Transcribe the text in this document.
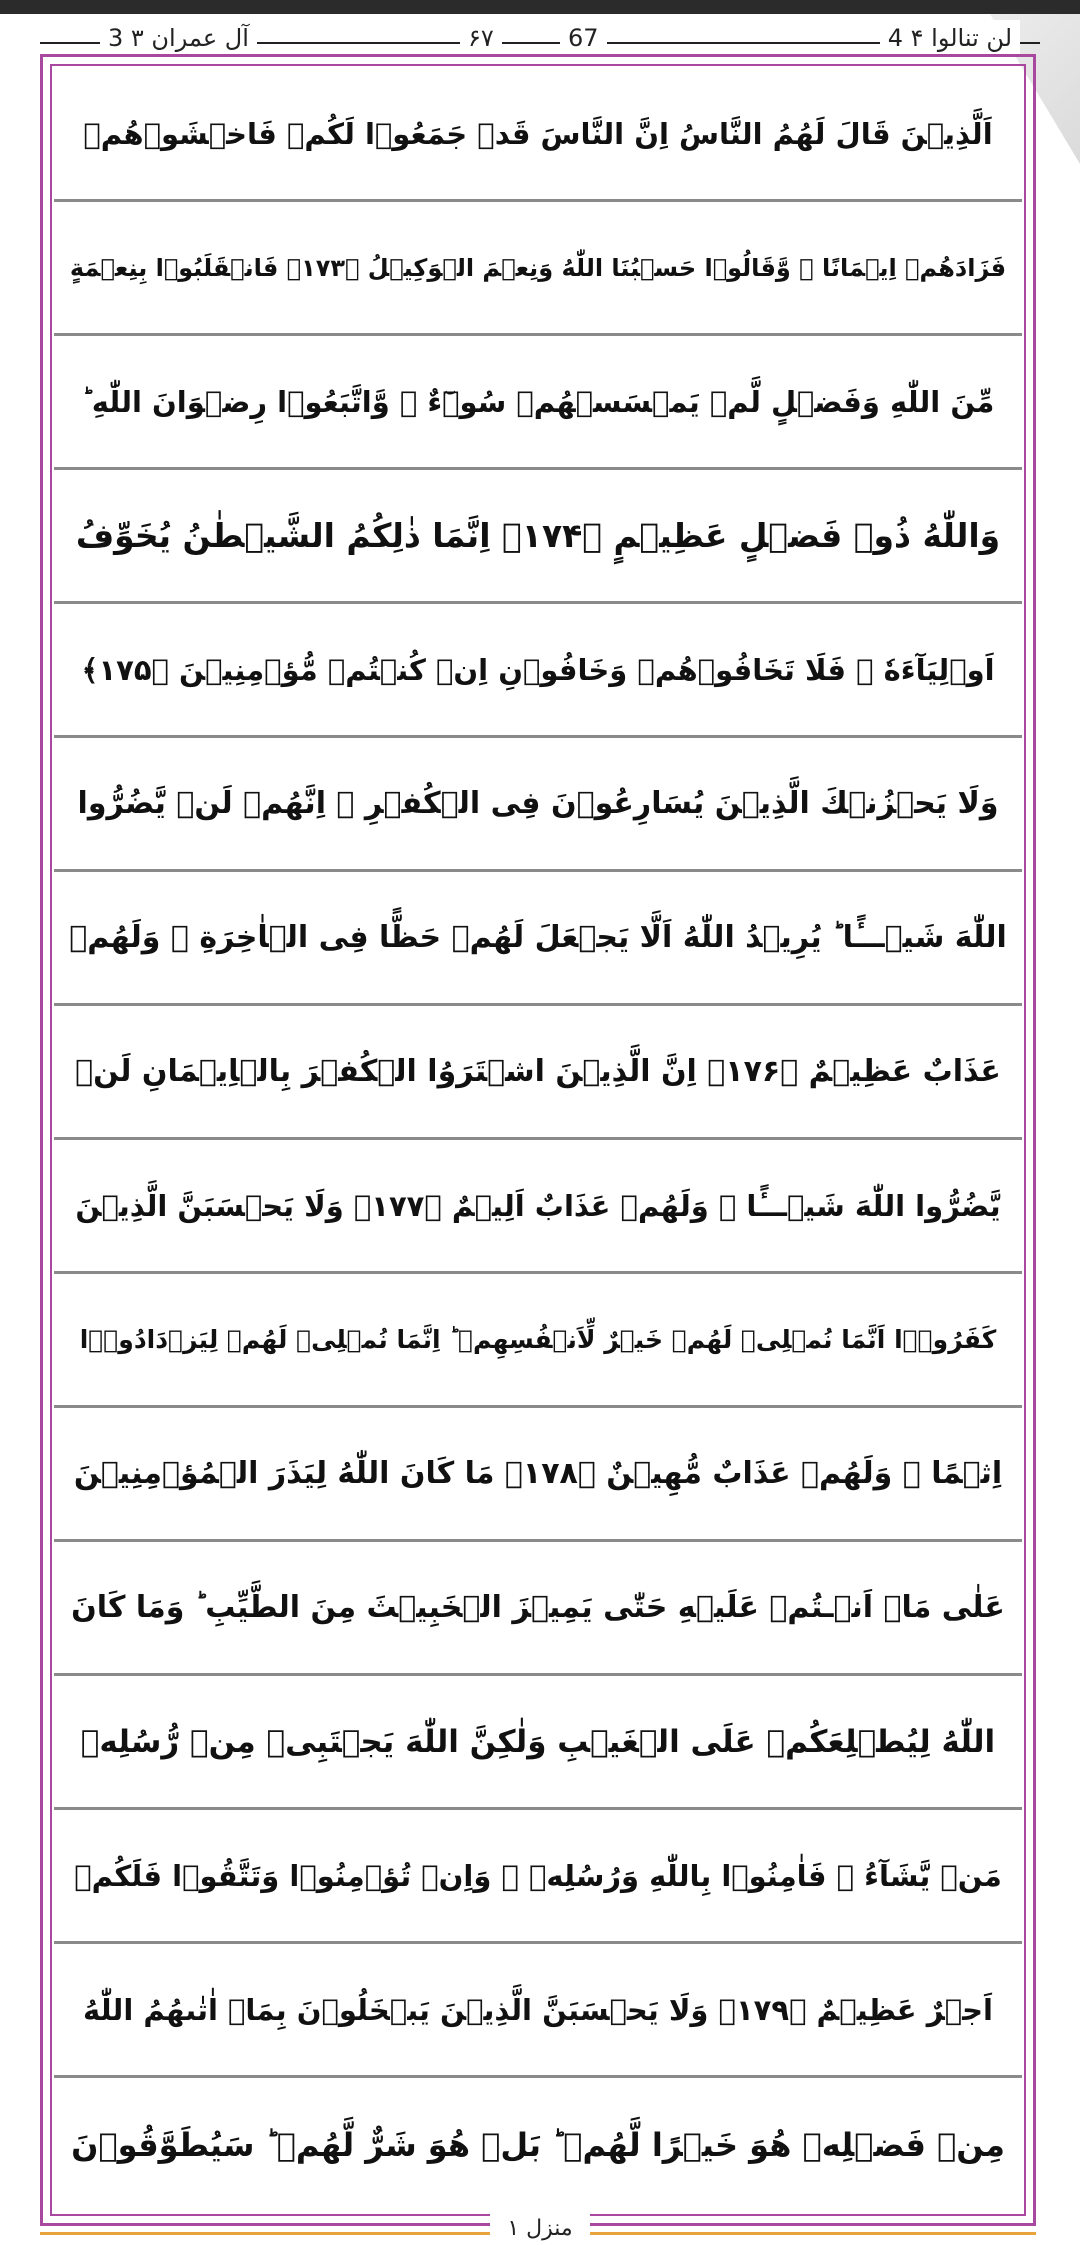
4 لن تنالوا ۴
۶۷	67
3 آل عمران ۳
اَلَّذِيۡنَ قَالَ لَهُمُ النَّاسُ اِنَّ النَّاسَ قَدۡ جَمَعُوۡا لَكُمۡ فَاخۡشَوۡهُمۡ
فَزَادَهُمۡ اِيۡمَانًا ۖ وَّقَالُوۡا حَسۡبُنَا اللّٰهُ وَنِعۡمَ الۡوَكِيۡلُ ﴿۱۷۳﴾ فَانۡقَلَبُوۡا بِنِعۡمَةٍ
مِّنَ اللّٰهِ وَفَضۡلٍ لَّمۡ يَمۡسَسۡهُمۡ سُوۡٓءٌ ۙ وَّاتَّبَعُوۡا رِضۡوَانَ اللّٰهِ ؕ
وَاللّٰهُ ذُوۡ فَضۡلٍ عَظِيۡمٍ ﴿۱۷۴﴾ اِنَّمَا ذٰلِكُمُ الشَّيۡطٰنُ يُخَوِّفُ
اَوۡلِيَآءَهٗ ۖ فَلَا تَخَافُوۡهُمۡ وَخَافُوۡنِ اِنۡ كُنۡتُمۡ مُّؤۡمِنِيۡنَ ﴿۱۷۵﴾
وَلَا يَحۡزُنۡكَ الَّذِيۡنَ يُسَارِعُوۡنَ فِى الۡكُفۡرِ ۚ اِنَّهُمۡ لَنۡ يَّضُرُّوا
اللّٰهَ شَيۡـــًٔا ؕ يُرِيۡدُ اللّٰهُ اَلَّا يَجۡعَلَ لَهُمۡ حَظًّا فِى الۡاٰخِرَةِ ۚ وَلَهُمۡ
عَذَابٌ عَظِيۡمٌ ﴿۱۷۶﴾ اِنَّ الَّذِيۡنَ اشۡتَرَوُا الۡكُفۡرَ بِالۡاِيۡمَانِ لَنۡ
يَّضُرُّوا اللّٰهَ شَيۡـــًٔا ۚ وَلَهُمۡ عَذَابٌ اَلِيۡمٌ ﴿۱۷۷﴾ وَلَا يَحۡسَبَنَّ الَّذِيۡنَ
كَفَرُوۡۤا اَنَّمَا نُمۡلِىۡ لَهُمۡ خَيۡرٌ لِّاَنۡفُسِهِمۡ ؕ اِنَّمَا نُمۡلِىۡ لَهُمۡ لِيَزۡدَادُوۡۤا
اِثۡمًا ۚ وَلَهُمۡ عَذَابٌ مُّهِيۡنٌ ﴿۱۷۸﴾ مَا كَانَ اللّٰهُ لِيَذَرَ الۡمُؤۡمِنِيۡنَ
عَلٰى مَاۤ اَنۡـتُمۡ عَلَيۡهِ حَتّٰى يَمِيۡزَ الۡخَبِيۡثَ مِنَ الطَّيِّبِ ؕ وَمَا كَانَ
اللّٰهُ لِيُطۡلِعَكُمۡ عَلَى الۡغَيۡبِ وَلٰكِنَّ اللّٰهَ يَجۡتَبِىۡ مِنۡ رُّسُلِهٖ
مَنۡ يَّشَآءُ ۖ فَاٰمِنُوۡا بِاللّٰهِ وَرُسُلِهٖ ۚ وَاِنۡ تُؤۡمِنُوۡا وَتَتَّقُوۡا فَلَكُمۡ
اَجۡرٌ عَظِيۡمٌ ﴿۱۷۹﴾ وَلَا يَحۡسَبَنَّ الَّذِيۡنَ يَبۡخَلُوۡنَ بِمَاۤ اٰتٰٮهُمُ اللّٰهُ
مِنۡ فَضۡلِهٖ هُوَ خَيۡرًا لَّهُمۡ ؕ بَلۡ هُوَ شَرٌّ لَّهُمۡ ؕ سَيُطَوَّقُوۡنَ
منزل ۱
